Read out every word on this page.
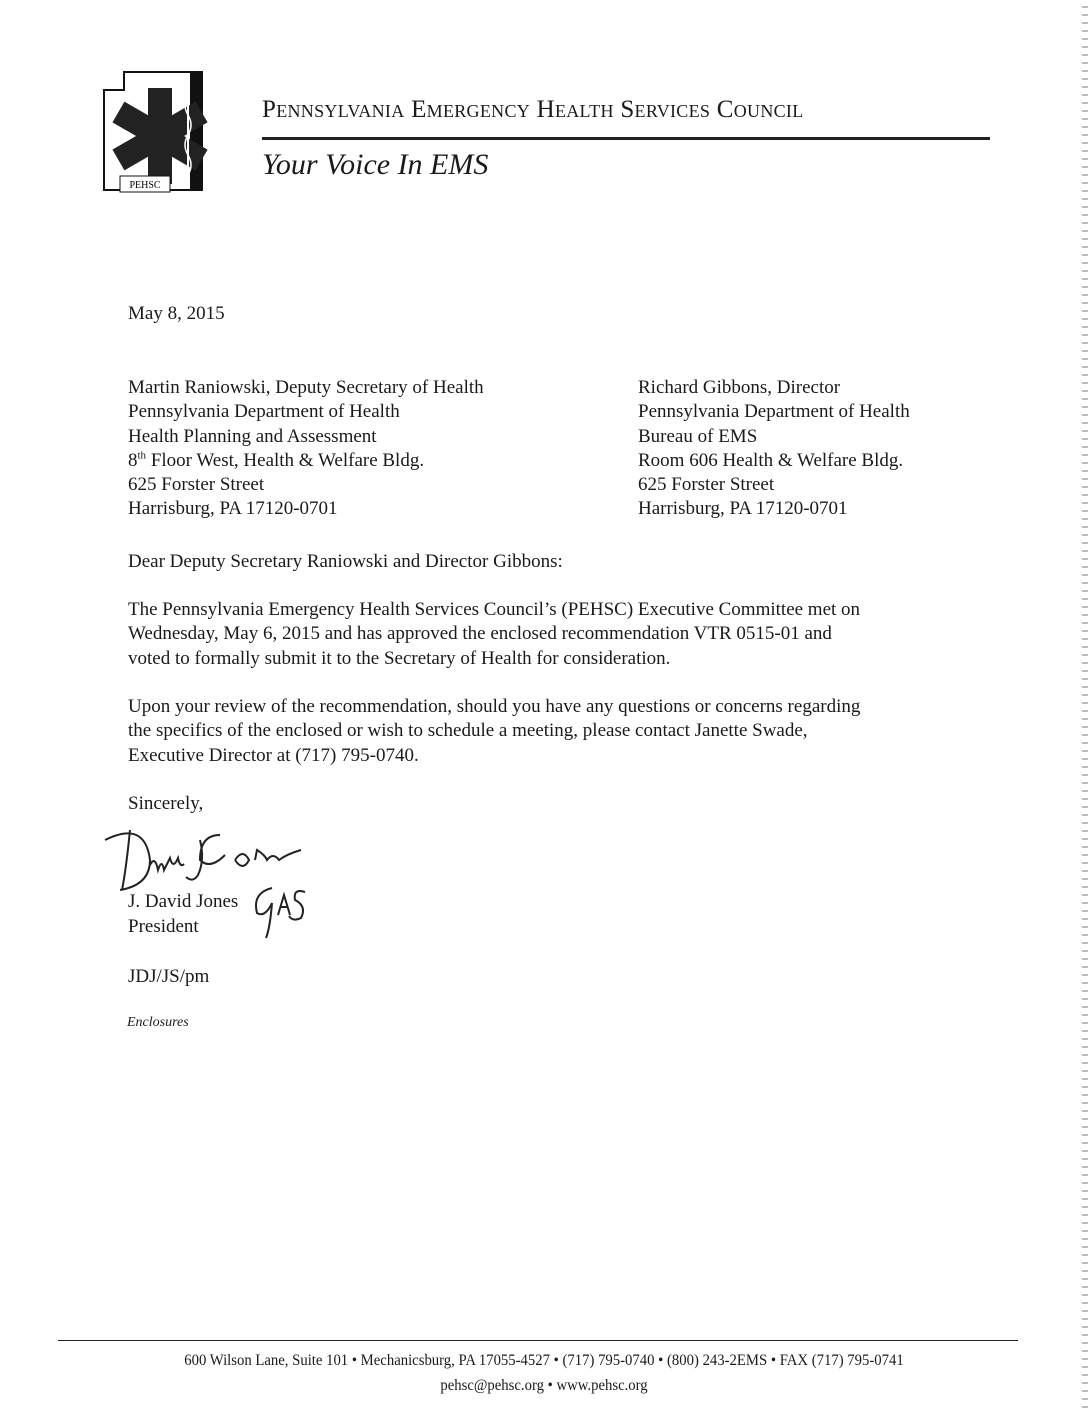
PEHSC
Pennsylvania Emergency Health Services Council
Your Voice In EMS
May 8, 2015

Martin Raniowski, Deputy Secretary of Health

Pennsylvania Department of Health

Health Planning and Assessment

8th Floor West, Health & Welfare Bldg.

625 Forster Street

Harrisburg, PA 17120-0701

Richard Gibbons, Director

Pennsylvania Department of Health

Bureau of EMS

Room 606 Health & Welfare Bldg.

625 Forster Street

Harrisburg, PA 17120-0701

Dear Deputy Secretary Raniowski and Director Gibbons:

The Pennsylvania Emergency Health Services Council’s (PEHSC) Executive Committee met on

Wednesday, May 6, 2015 and has approved the enclosed recommendation VTR 0515-01 and

voted to formally submit it to the Secretary of Health for consideration.

Upon your review of the recommendation, should you have any questions or concerns regarding

the specifics of the enclosed or wish to schedule a meeting, please contact Janette Swade,

Executive Director at (717) 795-0740.

Sincerely,
J. David Jones
President
JDJ/JS/pm
Enclosures
600 Wilson Lane, Suite 101 • Mechanicsburg, PA 17055-4527 • (717) 795-0740 • (800) 243-2EMS • FAX (717) 795-0741
pehsc@pehsc.org • www.pehsc.org
